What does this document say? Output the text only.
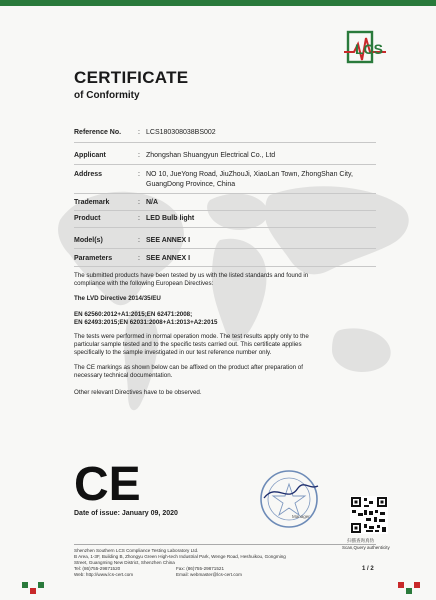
LCS
CERTIFICATE
of Conformity
Reference No.	: LCS180308038BS002
Applicant	: Zhongshan Shuangyun Electrical Co., Ltd
Address	: NO 10, JueYong Road, JiuZhouJi, XiaoLan Town, ZhongShan City,
GuangDong Province, China
Trademark	: N/A
Product	: LED Bulb light
Model(s)	: SEE ANNEX I
Parameters	: SEE ANNEX I
The submitted products have been tested by us with the listed standards and found in
compliance with the following European Directives:
The LVD Directive 2014/35/EU
EN 62560:2012+A1:2015;EN 62471:2008;
EN 62493:2015;EN 62031:2008+A1:2013+A2:2015
The tests were performed in normal operation mode. The test results apply only to the
particular sample tested and to the specific tests carried out. This certificate applies
specifically to the sample investigated in our test reference number only.
The CE markings as shown below can be affixed on the product after preparation of
necessary technical documentation.
Other relevant Directives have to be observed.
CE
Date of issue: January 09, 2020	Manager
扫描查询真伪
Scan,Query authenticity
Shenzhen Southern LCS Compliance Testing Laboratory Ltd.
B Area, 1-3F, Building B, Zhongyu Green High-tech Industrial Park, Wenge Road, Heshuikou, Gongming
Street, Guangming New District, Shenzhen China
Tel: (86)755-29871520	Fax: (86)755-29871521
Web: http://www.lcs-cert.com	Email: webmaster@lcs-cert.com
1 / 2
